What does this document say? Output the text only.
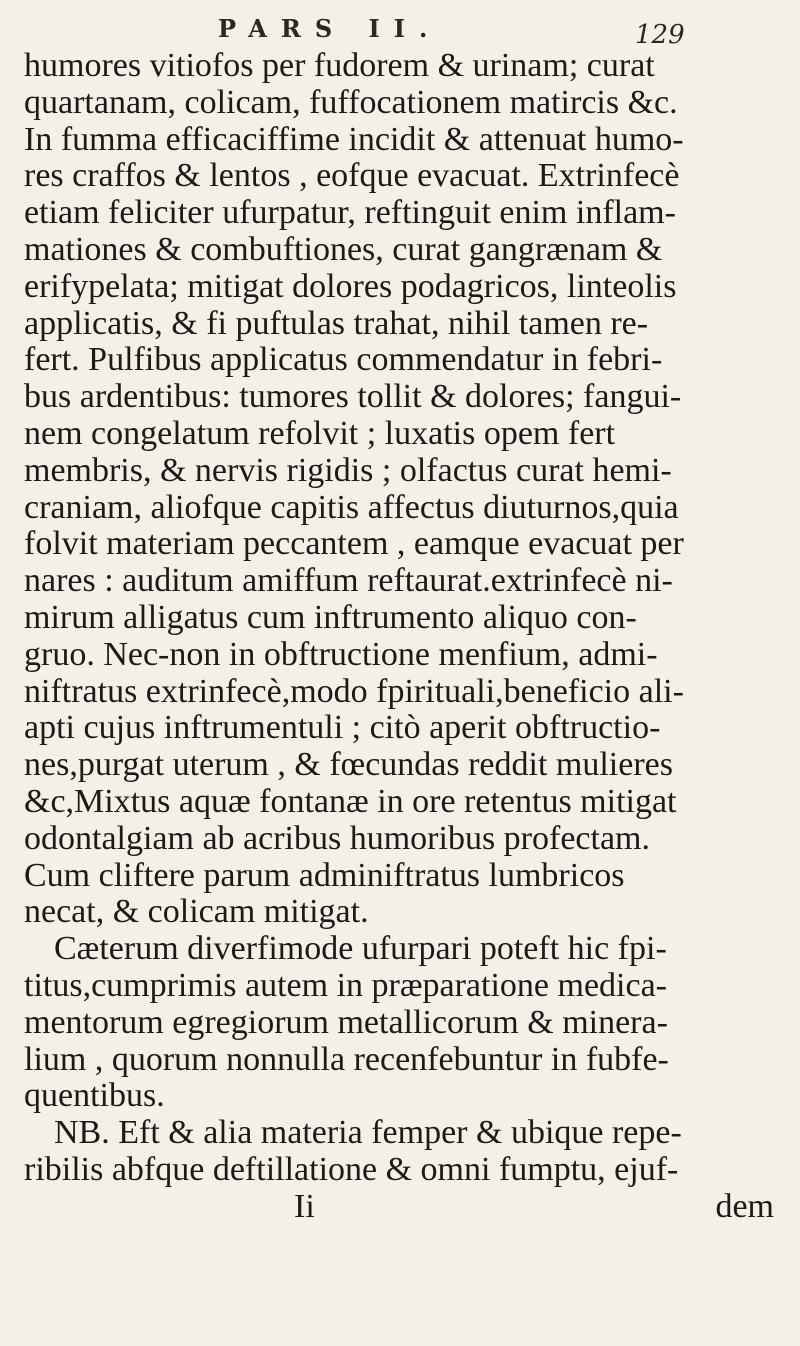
PARS II.	129
humores vitiofos per fudorem & urinam; curat
quartanam, colicam, fuffocationem matircis &c.
In fumma efficaciffime incidit & attenuat humo-
res craffos & lentos , eofque evacuat. Extrinfecè
etiam feliciter ufurpatur, reftinguit enim inflam-
mationes & combuftiones, curat gangrænam &
erifypelata; mitigat dolores podagricos, linteolis
applicatis, & fi puftulas trahat, nihil tamen re-
fert. Pulfibus applicatus commendatur in febri-
bus ardentibus: tumores tollit & dolores; fangui-
nem congelatum refolvit ; luxatis opem fert
membris, & nervis rigidis ; olfactus curat hemi-
craniam, aliofque capitis affectus diuturnos,quia
folvit materiam peccantem , eamque evacuat per
nares : auditum amiffum reftaurat.extrinfecè ni-
mirum alligatus cum inftrumento aliquo con-
gruo. Nec-non in obftructione menfium, admi-
niftratus extrinfecè,modo fpirituali,beneficio ali-
apti cujus inftrumentuli ; citò aperit obftructio-
nes,purgat uterum , & fœcundas reddit mulieres
&c,Mixtus aquæ fontanæ in ore retentus mitigat
odontalgiam ab acribus humoribus profectam.
Cum cliftere parum adminiftratus lumbricos
necat, & colicam mitigat.
Cæterum diverfimode ufurpari poteft hic fpi-
titus,cumprimis autem in præparatione medica-
mentorum egregiorum metallicorum & minera-
lium , quorum nonnulla recenfebuntur in fubfe-
quentibus.
NB. Eft & alia materia femper & ubique repe-
ribilis abfque deftillatione & omni fumptu, ejuf-
Ii	dem
